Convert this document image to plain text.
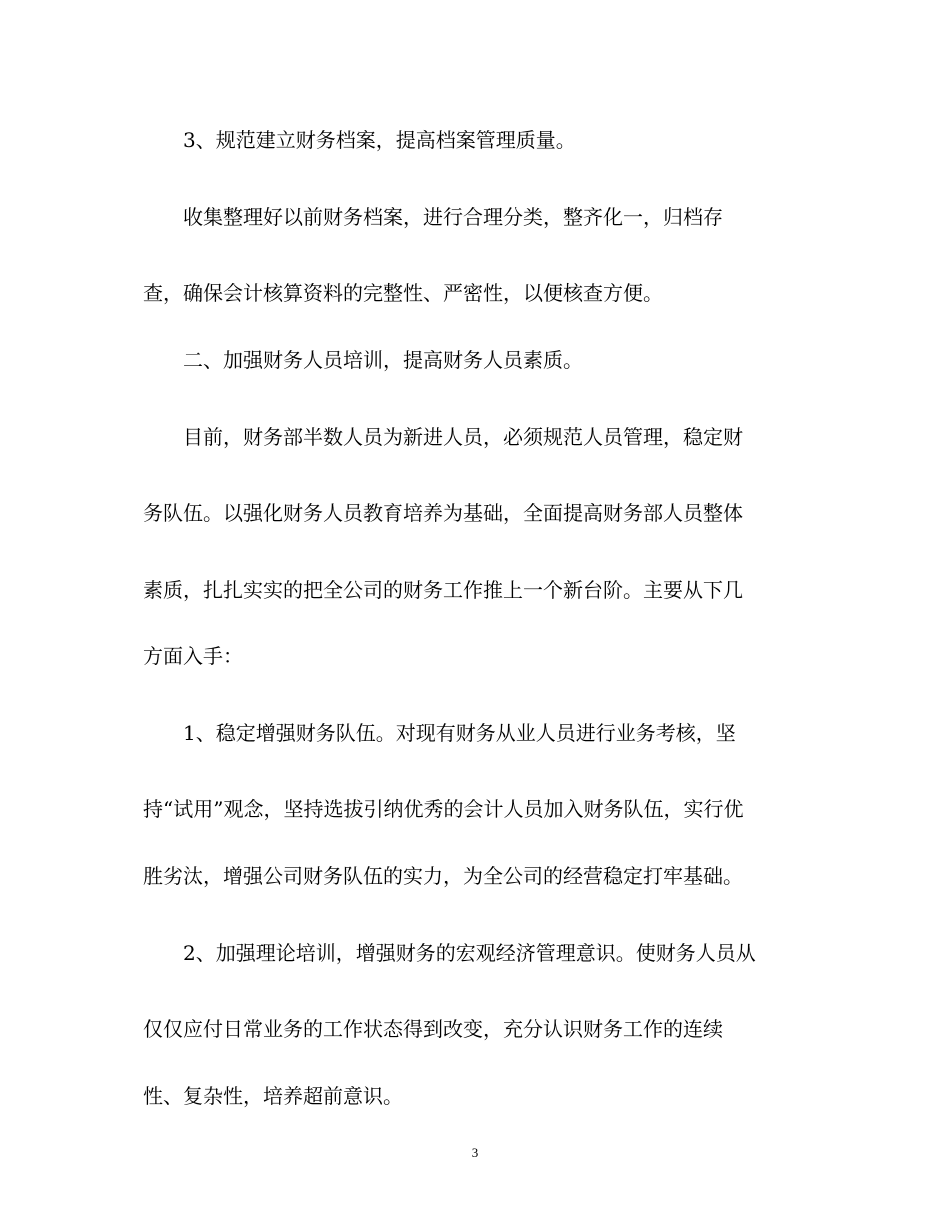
　　3、规范建立财务档案，提高档案管理质量。
　　收集整理好以前财务档案，进行合理分类，整齐化一，归档存
查，确保会计核算资料的完整性、严密性，以便核查方便。
　　二、加强财务人员培训，提高财务人员素质。
　　目前，财务部半数人员为新进人员，必须规范人员管理，稳定财
务队伍。以强化财务人员教育培养为基础，全面提高财务部人员整体
素质，扎扎实实的把全公司的财务工作推上一个新台阶。主要从下几
方面入手：
　　1、稳定增强财务队伍。对现有财务从业人员进行业务考核，坚
持“试用”观念，坚持选拔引纳优秀的会计人员加入财务队伍，实行优
胜劣汰，增强公司财务队伍的实力，为全公司的经营稳定打牢基础。
　　2、加强理论培训，增强财务的宏观经济管理意识。使财务人员从
仅仅应付日常业务的工作状态得到改变，充分认识财务工作的连续
性、复杂性，培养超前意识。
3
